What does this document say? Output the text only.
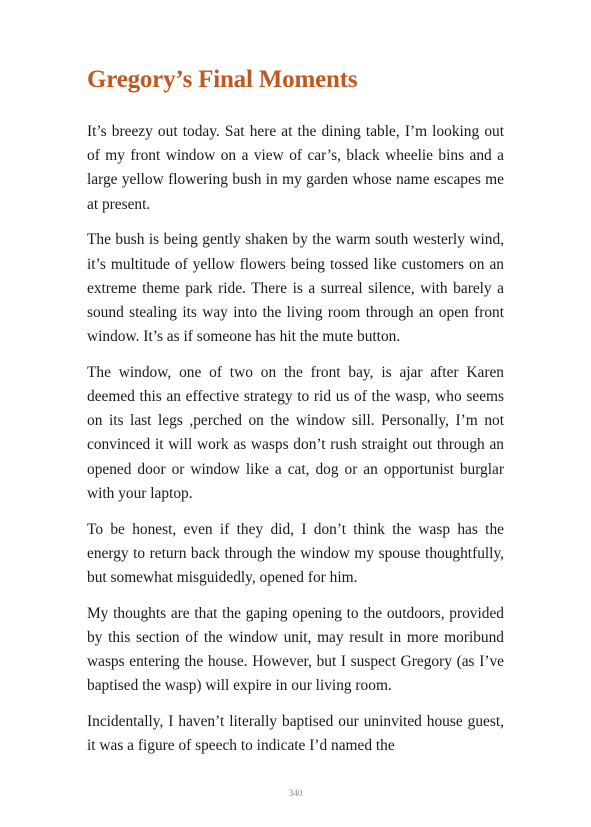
Gregory’s Final Moments

It’s breezy out today. Sat here at the dining table, I’m looking out of my front window on a view of car’s, black wheelie bins and a large yellow flowering bush in my garden whose name escapes me at present.

The bush is being gently shaken by the warm south westerly wind, it’s multitude of yellow flowers being tossed like customers on an extreme theme park ride. There is a surreal silence, with barely a sound stealing its way into the living room through an open front window. It’s as if someone has hit the mute button.

The window, one of two on the front bay, is ajar after Karen deemed this an effective strategy to rid us of the wasp, who seems on its last legs ,perched on the window sill. Personally, I’m not convinced it will work as wasps don’t rush straight out through an opened door or window like a cat, dog or an opportunist burglar with your laptop.

To be honest, even if they did, I don’t think the wasp has the energy to return back through the window my spouse thoughtfully, but somewhat misguidedly, opened for him.

My thoughts are that the gaping opening to the outdoors, provided by this section of the window unit, may result in more moribund wasps entering the house. However, but I suspect Gregory (as I’ve baptised the wasp) will expire in our living room.

Incidentally, I haven’t literally baptised our uninvited house guest, it was a figure of speech to indicate I’d named the

340
